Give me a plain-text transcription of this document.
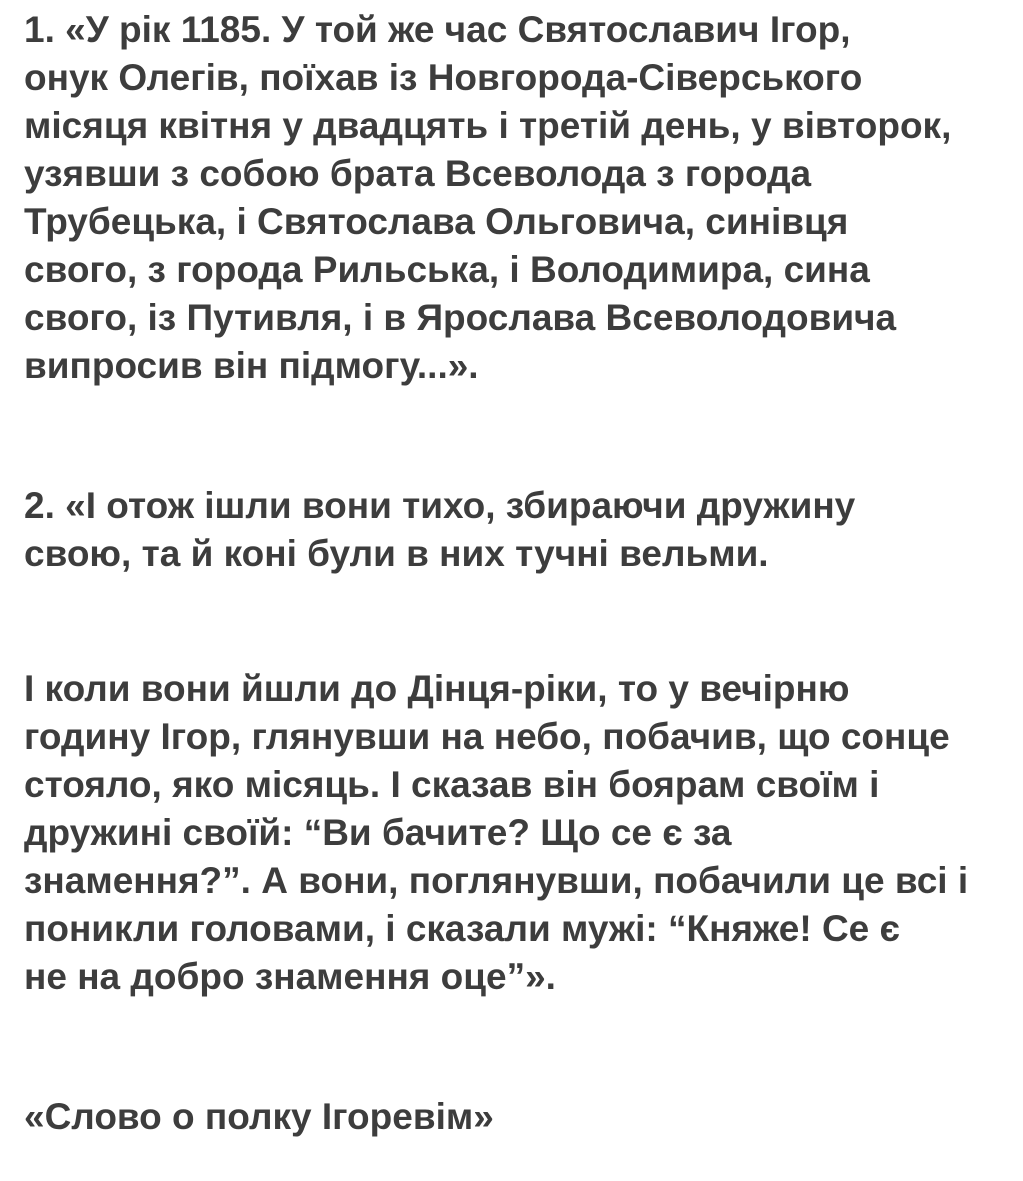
1. «У рік 1185. У той же час Святославич Ігор,
онук Олегів, поїхав із Новгорода-Сіверського
місяця квітня у двадцять і третій день, у вівторок,
узявши з собою брата Всеволода з города
Трубецька, і Святослава Ольговича, синівця
свого, з города Рильська, і Володимира, сина
свого, із Путивля, і в Ярослава Всеволодовича
випросив він підмогу...».
2. «І отож ішли вони тихо, збираючи дружину
свою, та й коні були в них тучні вельми.
І коли вони йшли до Дінця-ріки, то у вечірню
годину Ігор, глянувши на небо, побачив, що сонце
стояло, яко місяць. І сказав він боярам своїм і
дружині своїй: “Ви бачите? Що се є за
знамення?”. А вони, поглянувши, побачили це всі і
поникли головами, і сказали мужі: “Княже! Се є
не на добро знамення оце”».
«Слово о полку Ігоревім»
